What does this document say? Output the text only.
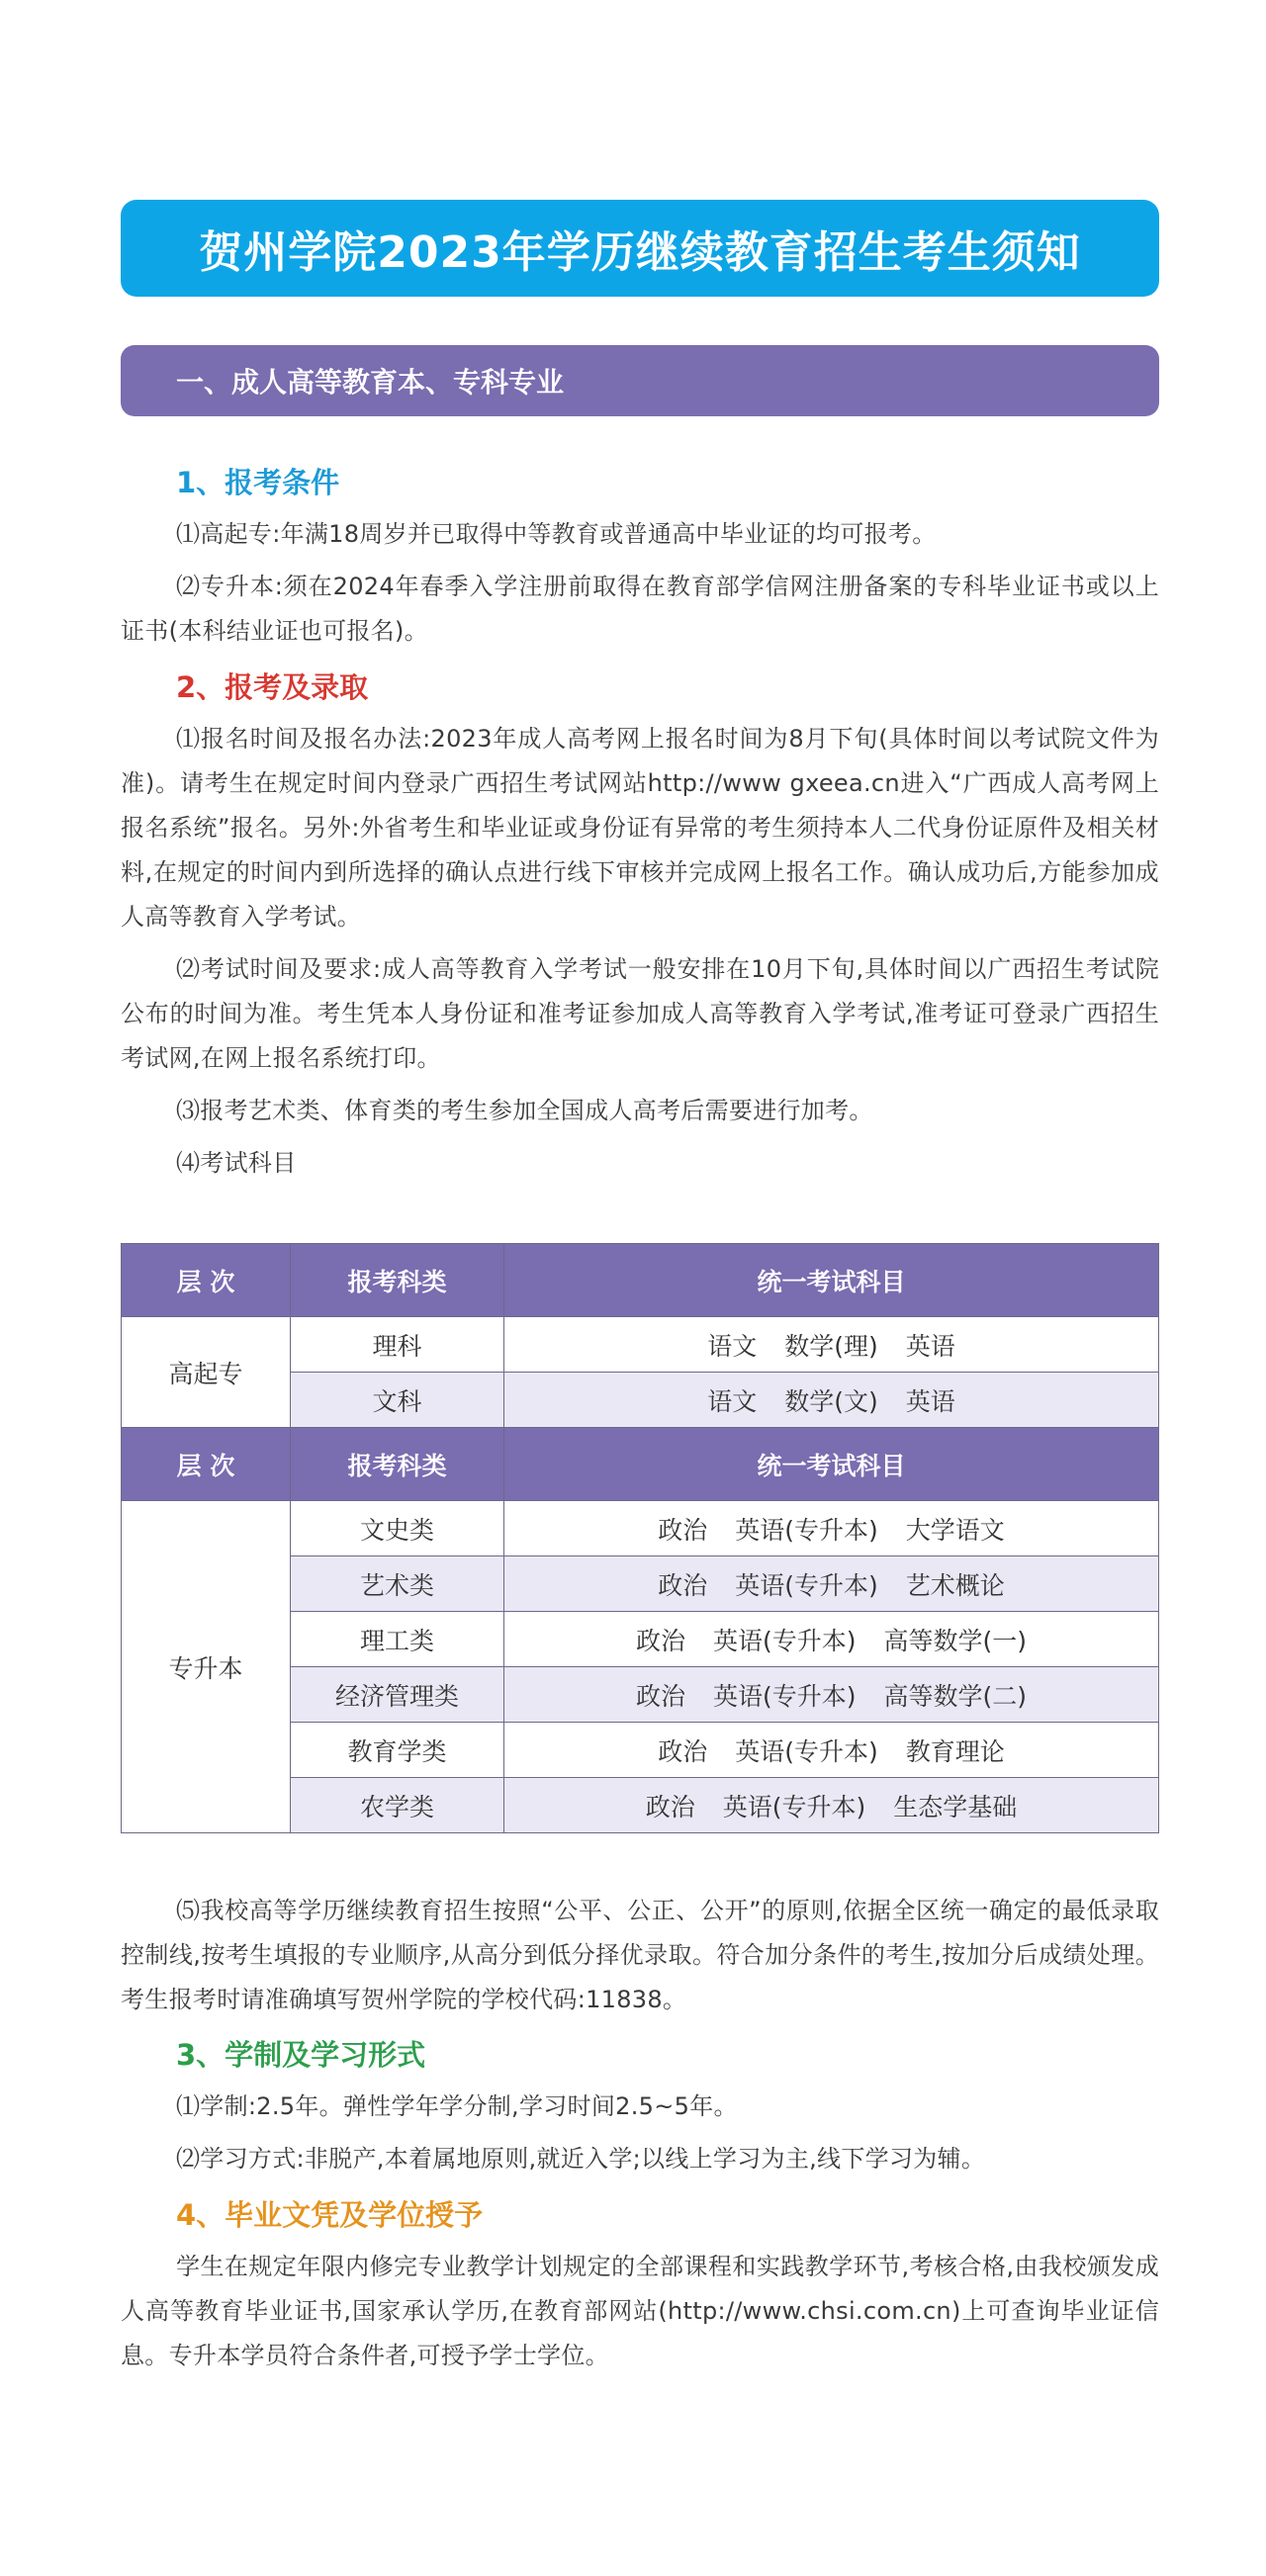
贺州学院2023年学历继续教育招生考生须知
一、成人高等教育本、专科专业
1、报考条件

⑴高起专:年满18周岁并已取得中等教育或普通高中毕业证的均可报考。

⑵专升本:须在2024年春季入学注册前取得在教育部学信网注册备案的专科毕业证书或以上证书(本科结业证也可报名)。

2、报考及录取

⑴报名时间及报名办法:2023年成人高考网上报名时间为8月下旬(具体时间以考试院文件为准)。请考生在规定时间内登录广西招生考试网站http://www gxeea.cn进入“广西成人高考网上报名系统”报名。另外:外省考生和毕业证或身份证有异常的考生须持本人二代身份证原件及相关材料,在规定的时间内到所选择的确认点进行线下审核并完成网上报名工作。确认成功后,方能参加成人高等教育入学考试。

⑵考试时间及要求:成人高等教育入学考试一般安排在10月下旬,具体时间以广西招生考试院公布的时间为准。考生凭本人身份证和准考证参加成人高等教育入学考试,准考证可登录广西招生考试网,在网上报名系统打印。

⑶报考艺术类、体育类的考生参加全国成人高考后需要进行加考。

⑷考试科目

层 次	报考科类	统一考试科目
高起专	理科	语文 数学(理) 英语
	文科	语文 数学(文) 英语
层 次	报考科类	统一考试科目
专升本	文史类	政治 英语(专升本) 大学语文
	艺术类	政治 英语(专升本) 艺术概论
	理工类	政治 英语(专升本) 高等数学(一)
	经济管理类	政治 英语(专升本) 高等数学(二)
	教育学类	政治 英语(专升本) 教育理论
	农学类	政治 英语(专升本) 生态学基础

⑸我校高等学历继续教育招生按照“公平、公正、公开”的原则,依据全区统一确定的最低录取控制线,按考生填报的专业顺序,从高分到低分择优录取。符合加分条件的考生,按加分后成绩处理。考生报考时请准确填写贺州学院的学校代码:11838。

3、学制及学习形式

⑴学制:2.5年。弹性学年学分制,学习时间2.5~5年。

⑵学习方式:非脱产,本着属地原则,就近入学;以线上学习为主,线下学习为辅。

4、毕业文凭及学位授予

学生在规定年限内修完专业教学计划规定的全部课程和实践教学环节,考核合格,由我校颁发成人高等教育毕业证书,国家承认学历,在教育部网站(http://www.chsi.com.cn)上可查询毕业证信息。专升本学员符合条件者,可授予学士学位。
